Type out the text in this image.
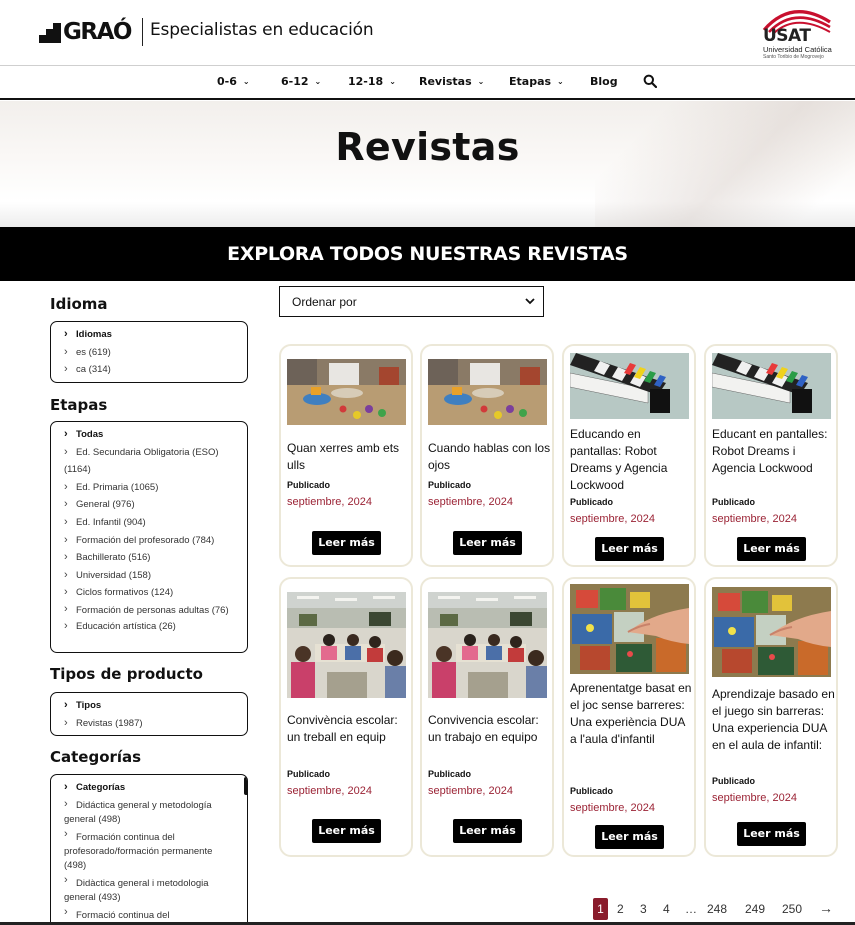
GRAÓ Especialistas en educación	USAT
Universidad Católica
Santo Toribio de Mogrovejo
0-6 ⌄	6-12 ⌄ 12-18 ⌄ Revistas ⌄ Etapas ⌄ Blog
Revistas
EXPLORA TODOS NUESTRAS REVISTAS
Idioma
› Idiomas
› es (619)
› ca (314)
Etapas
› Todas
› Ed. Secundaria Obligatoria (ESO) (1164)
› Ed. Primaria (1065)
› General (976)
› Ed. Infantil (904)
› Formación del profesorado (784)
› Bachillerato (516)
› Universidad (158)
› Ciclos formativos (124)
› Formación de personas adultas (76)
› Educación artística (26)
Tipos de producto
› Tipos
› Revistas (1987)
Categorías
› Categorías
› Didáctica general y metodología general (498)
› Formación continua del profesorado/formación permanente (498)
› Didàctica general i metodologia general (493)
› Formació continua del
Ordenar por
Quan xerres amb ets ulls
Publicado
septiembre, 2024
Leer más
Cuando hablas con los ojos
Publicado
septiembre, 2024
Leer más
Educando en pantallas: Robot Dreams y Agencia Lockwood
Publicado
septiembre, 2024
Leer más
Educant en pantalles: Robot Dreams i Agencia Lockwood
Publicado
septiembre, 2024
Leer más
Convivència escolar: un treball en equip
Publicado
septiembre, 2024
Leer más
Convivencia escolar: un trabajo en equipo
Publicado
septiembre, 2024
Leer más
Aprenentatge basat en el joc sense barreres: Una experiència DUA a l'aula d'infantil
Publicado
septiembre, 2024
Leer más
Aprendizaje basado en el juego sin barreras: Una experiencia DUA en el aula de infantil:
Publicado
septiembre, 2024
Leer más
1	2 3 4 … 248 249 250 →
